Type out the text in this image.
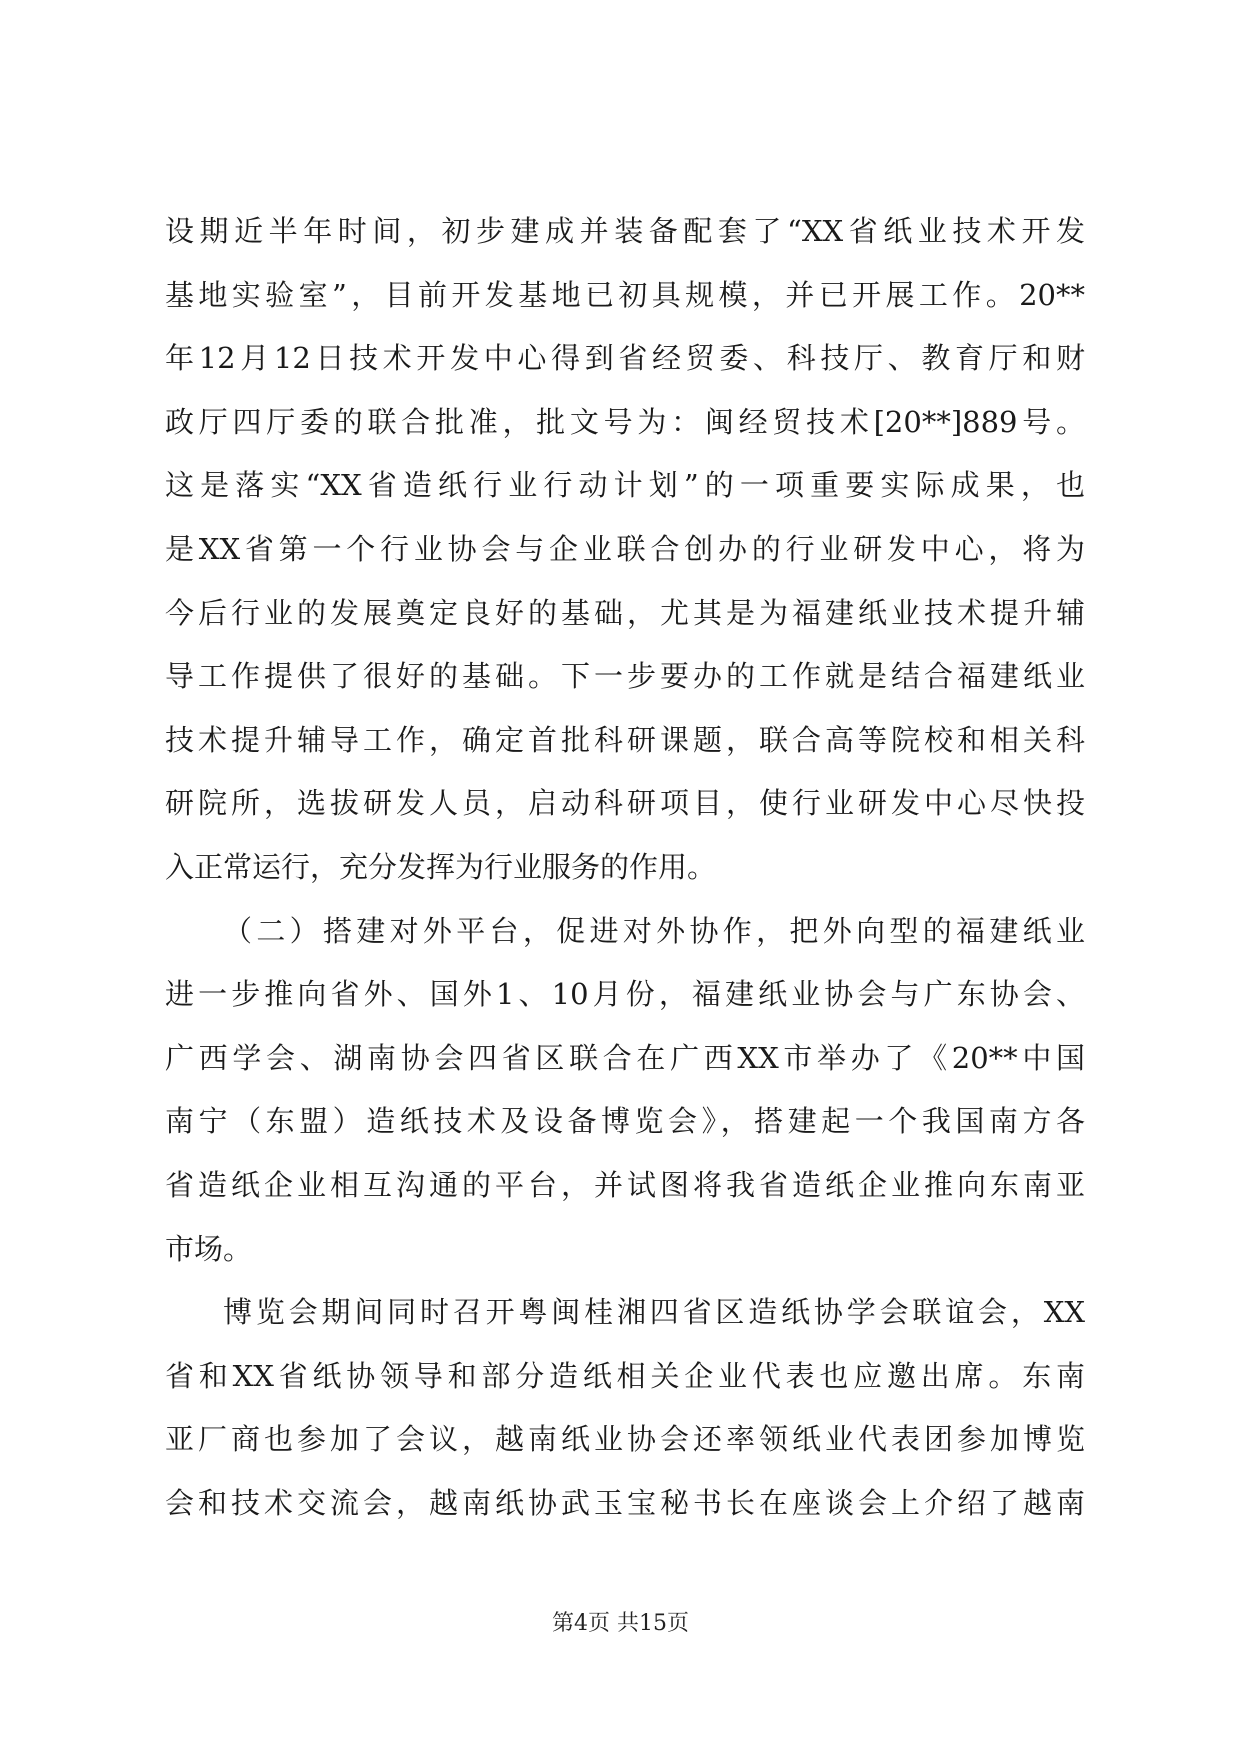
设期近半年时间，初步建成并装备配套了“XX省纸业技术开发
基地实验室”，目前开发基地已初具规模，并已开展工作。20**
年12月12日技术开发中心得到省经贸委、科技厅、教育厅和财
政厅四厅委的联合批准，批文号为：闽经贸技术[20**]889号。
这是落实“XX省造纸行业行动计划”的一项重要实际成果，也
是XX省第一个行业协会与企业联合创办的行业研发中心，将为
今后行业的发展奠定良好的基础，尤其是为福建纸业技术提升辅
导工作提供了很好的基础。下一步要办的工作就是结合福建纸业
技术提升辅导工作，确定首批科研课题，联合高等院校和相关科
研院所，选拔研发人员，启动科研项目，使行业研发中心尽快投
入正常运行，充分发挥为行业服务的作用。
（二）搭建对外平台，促进对外协作，把外向型的福建纸业
进一步推向省外、国外1、10月份，福建纸业协会与广东协会、
广西学会、湖南协会四省区联合在广西XX市举办了《20**中国
南宁（东盟）造纸技术及设备博览会》，搭建起一个我国南方各
省造纸企业相互沟通的平台，并试图将我省造纸企业推向东南亚
市场。
博览会期间同时召开粤闽桂湘四省区造纸协学会联谊会，XX
省和XX省纸协领导和部分造纸相关企业代表也应邀出席。东南
亚厂商也参加了会议，越南纸业协会还率领纸业代表团参加博览
会和技术交流会，越南纸协武玉宝秘书长在座谈会上介绍了越南
第4页 共15页
